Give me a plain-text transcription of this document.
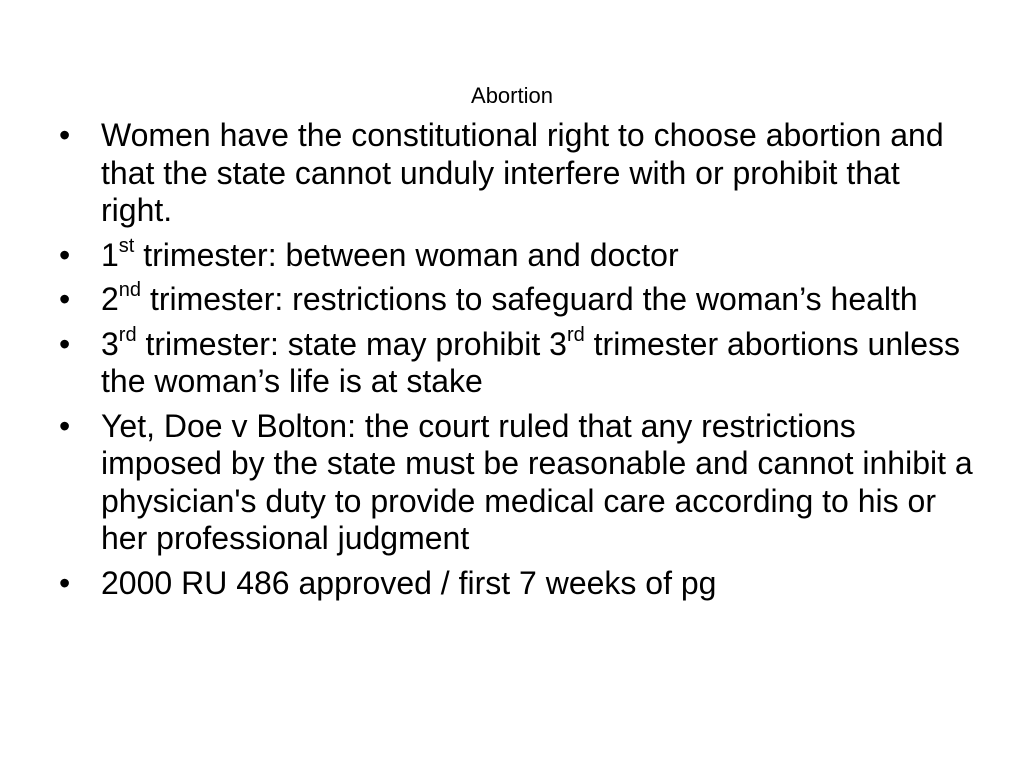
Abortion
• Women have the constitutional right to choose abortion and that the state cannot unduly interfere with or prohibit that right.
• 1st trimester: between woman and doctor
• 2nd trimester: restrictions to safeguard the woman’s health
• 3rd trimester: state may prohibit 3rd trimester abortions unless the woman’s life is at stake
• Yet, Doe v Bolton: the court ruled that any restrictions imposed by the state must be reasonable and cannot inhibit a physician's duty to provide medical care according to his or her professional judgment
• 2000 RU 486 approved / first 7 weeks of pg
